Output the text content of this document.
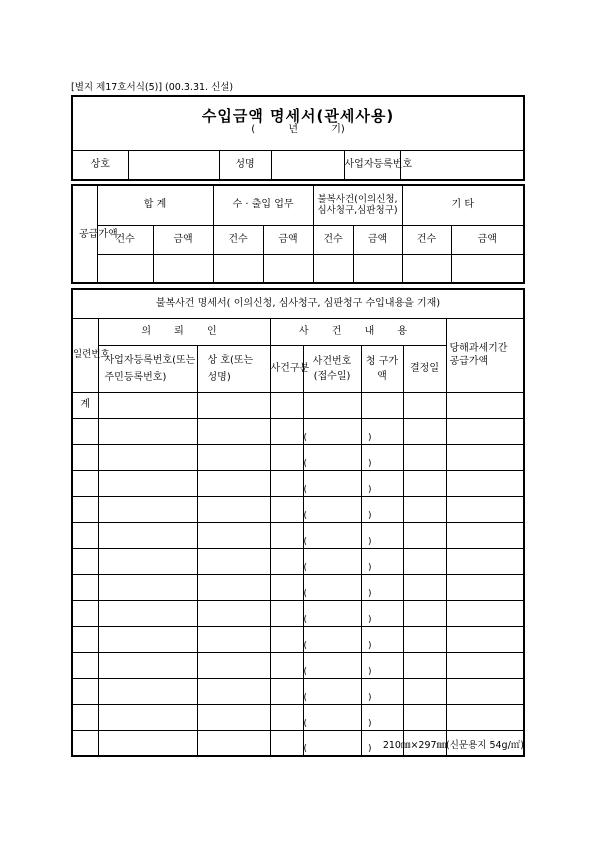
[별지 제17호서식(5)] (00.3.31. 신설)
수입금액 명세서(관세사용)
(	년	기)

상호		성명		사업자등록번호	
공급가액	합 계		수 · 출입 업무		불복사건(이의신청,심사청구,심판청구)		기 타	
	건수	금액	건수	금액	건수	금액	건수	금액

불복사건 명세서( 이의신청, 심사청구, 심판청구 수입내용을 기재)							
일련번호	의 뢰 인		사 건 내 용				당해과세기간 공급가액
	사업자등록번호(또는 주민등록번호)	상 호(또는 성명)	사건구분	사건번호(접수일)	청 구가 액	결정일	
계							

				( )			

				( )			

				( )			

				( )			

				( )			

				( )			

				( )			

				( )			

				( )			

				( )			

				( )			

				( )			

				( )			
			210㎜×297㎜(신문용지 54g/㎡)
